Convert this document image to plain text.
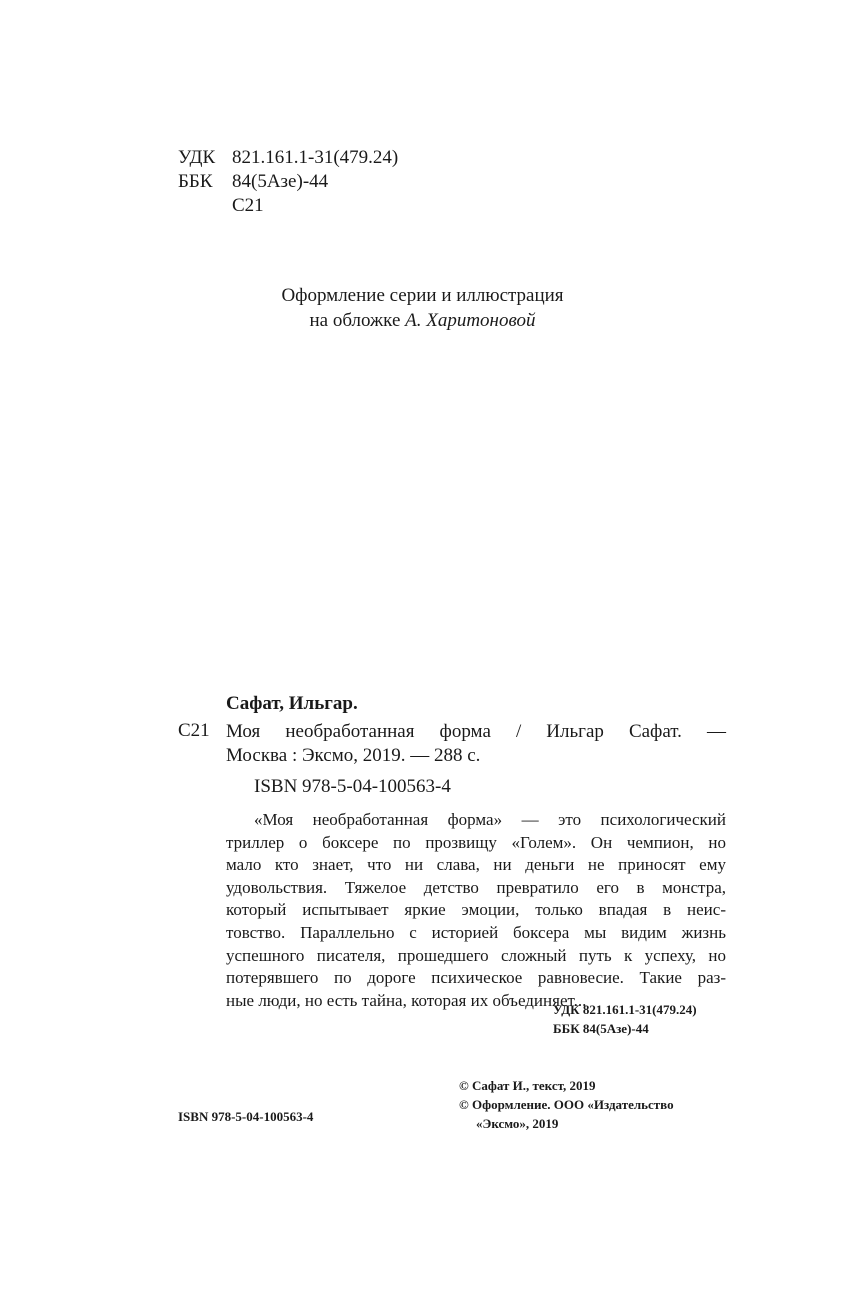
УДК 821.161.1-31(479.24)
ББК	84(5Азе)-44
С21
Оформление серии и иллюстрация
на обложке А. Харитоновой
Сафат, Ильгар.
С21 Моя необработанная форма / Ильгар Сафат. —
Москва : Эксмо, 2019. — 288 с.
ISBN 978-5-04-100563-4
«Моя необработанная форма» — это психологический
триллер о боксере по прозвищу «Голем». Он чемпион, но
мало кто знает, что ни слава, ни деньги не приносят ему
удовольствия. Тяжелое детство превратило его в монстра,
который испытывает яркие эмоции, только впадая в неис-
товство. Параллельно с историей боксера мы видим жизнь
успешного писателя, прошедшего сложный путь к успеху, но
потерявшего по дороге психическое равновесие. Такие раз-
ные люди, но есть тайна, которая их объединяет...
УДК 821.161.1-31(479.24)
ББК 84(5Азе)-44
© Сафат И., текст, 2019
© Оформление. ООО «Издательство
«Эксмо», 2019
ISBN 978-5-04-100563-4
